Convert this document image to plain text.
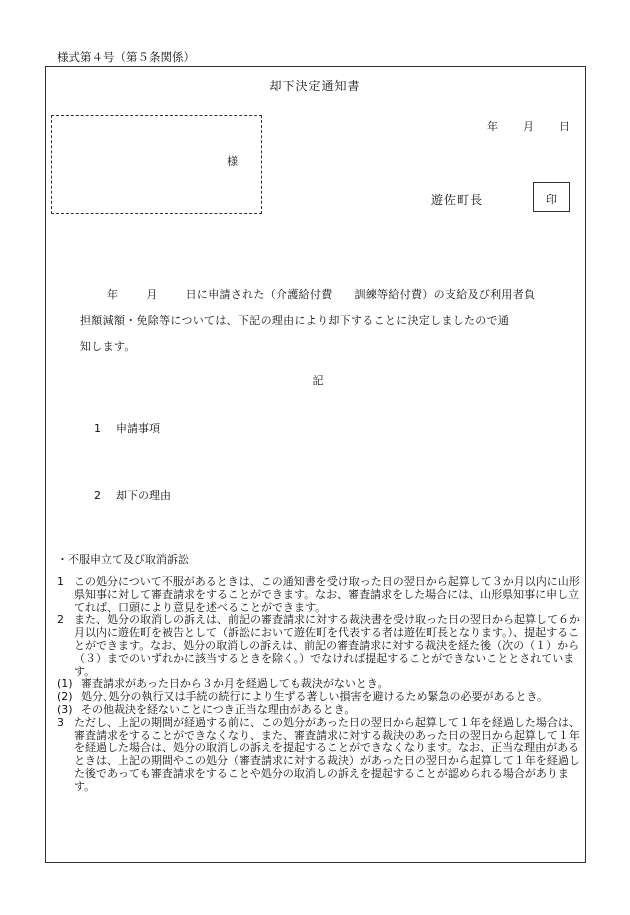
様式第４号（第５条関係）
却下決定通知書
年 月 日
様
遊佐町長	印
年	月	日に申請された（介護給付費 訓練等給付費）の支給及び利用者負
担額減額・免除等については、下記の理由により却下することに決定しましたので通
知します。
記
1 申請事項
2 却下の理由
・不服申立て及び取消訴訟
1 この処分について不服があるときは、この通知書を受け取った日の翌日から起算して３か月以内に山形県知事に対して審査請求をすることができます。なお、審査請求をした場合には、山形県知事に申し立てれば、口頭により意見を述べることができます。
2 また、処分の取消しの訴えは、前記の審査請求に対する裁決書を受け取った日の翌日から起算して６か月以内に遊佐町を被告として（訴訟において遊佐町を代表する者は遊佐町長となります。）、提起することができます。なお、処分の取消しの訴えは、前記の審査請求に対する裁決を経た後（次の（１）から（３）までのいずれかに該当するときを除く。）でなければ提起することができないこととされています。
(1) 審査請求があった日から３か月を経過しても裁決がないとき。
(2) 処分､処分の執行又は手続の続行により生ずる著しい損害を避けるため緊急の必要があるとき。
(3) その他裁決を経ないことにつき正当な理由があるとき。
3 ただし、上記の期間が経過する前に、この処分があった日の翌日から起算して１年を経過した場合は、審査請求をすることができなくなり、また、審査請求に対する裁決のあった日の翌日から起算して１年を経過した場合は、処分の取消しの訴えを提起することができなくなります。なお、正当な理由があるときは、上記の期間やこの処分（審査請求に対する裁決）があった日の翌日から起算して１年を経過した後であっても審査請求をすることや処分の取消しの訴えを提起することが認められる場合があります。
